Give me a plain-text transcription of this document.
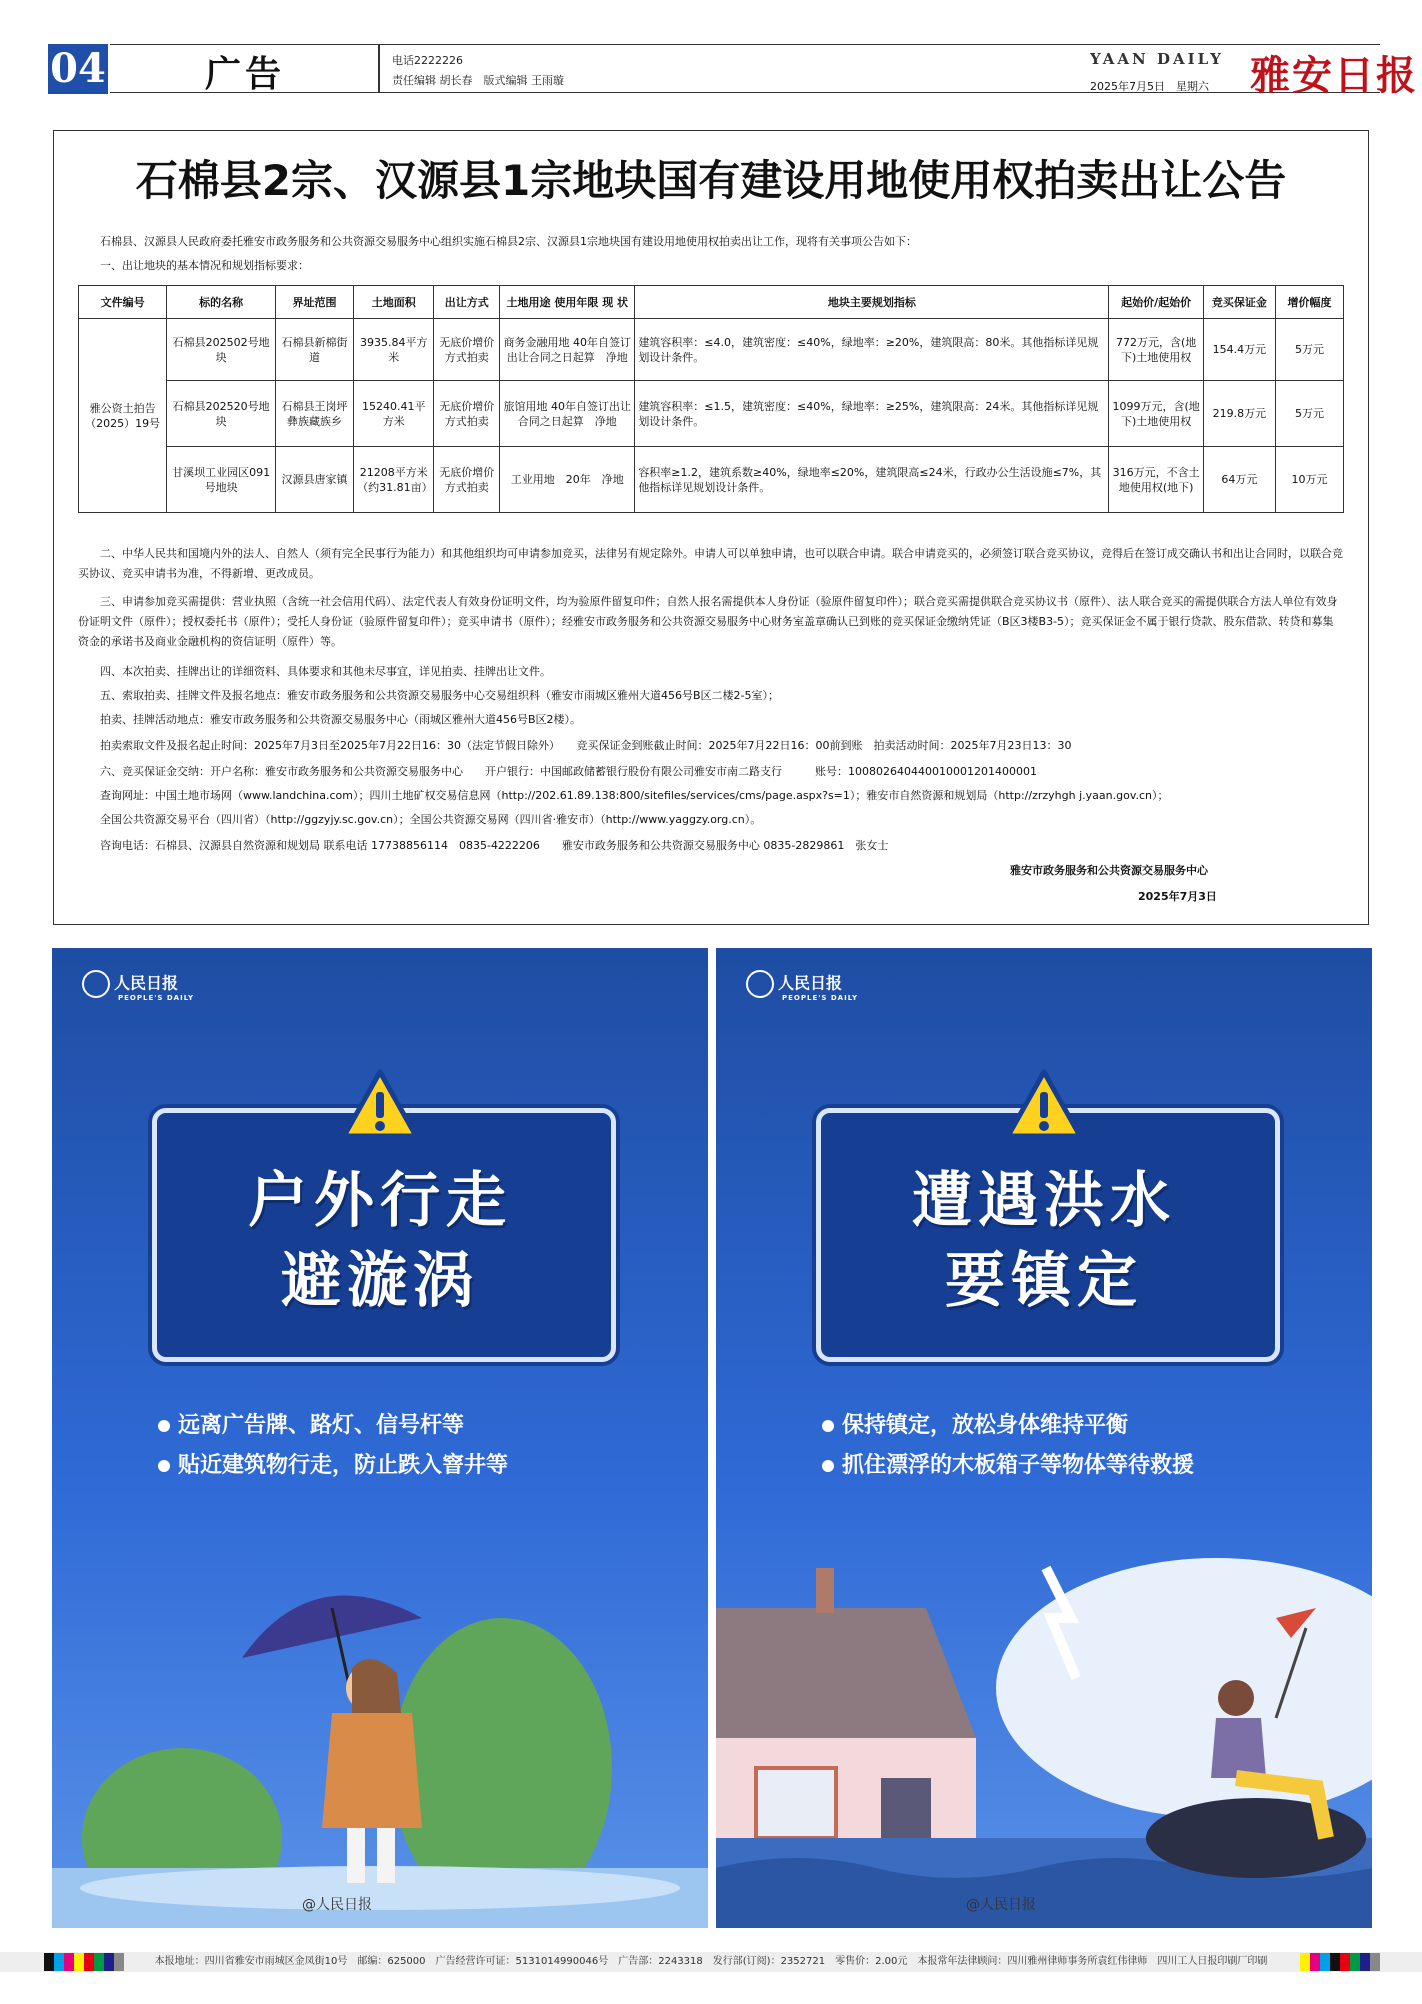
04	广告	电话2222226
责任编辑 胡长春　版式编辑 王雨璇
YAAN DAILY
2025年7月5日　星期六 雅安日报
石棉县2宗、汉源县1宗地块国有建设用地使用权拍卖出让公告
石棉县、汉源县人民政府委托雅安市政务服务和公共资源交易服务中心组织实施石棉县2宗、汉源县1宗地块国有建设用地使用权拍卖出让工作，现将有关事项公告如下：
一、出让地块的基本情况和规划指标要求：
文件编号	标的名称	界址范围	土地面积	出让方式	土地用途 使用年限 现 状	地块主要规划指标	起始价/起始价	竞买保证金	增价幅度
雅公资土拍告（2025）19号	石棉县202502号地　块	石棉县新棉街道	3935.84平方米	无底价增价方式拍卖	商务金融用地 40年自签订出让合同之日起算　净地	建筑容积率：≤4.0，建筑密度：≤40%，绿地率：≥20%，建筑限高：80米。其他指标详见规划设计条件。	772万元，含(地下)土地使用权	154.4万元	5万元
	石棉县202520号地　块	石棉县王岗坪彝族藏族乡	15240.41平方米	无底价增价方式拍卖	旅馆用地 40年自签订出让合同之日起算　净地	建筑容积率：≤1.5，建筑密度：≤40%，绿地率：≥25%，建筑限高：24米。其他指标详见规划设计条件。	1099万元，含(地下)土地使用权	219.8万元	5万元
	甘溪坝工业园区091号地块	汉源县唐家镇	21208平方米（约31.81亩）	无底价增价方式拍卖	工业用地　20年　净地	容积率≥1.2，建筑系数≥40%，绿地率≤20%，建筑限高≤24米，行政办公生活设施≤7%，其他指标详见规划设计条件。	316万元，不含土地使用权(地下)	64万元	10万元
二、中华人民共和国境内外的法人、自然人（须有完全民事行为能力）和其他组织均可申请参加竞买，法律另有规定除外。申请人可以单独申请，也可以联合申请。联合申请竞买的，必须签订联合竞买协议，竞得后在签订成交确认书和出让合同时，以联合竞买协议、竞买申请书为准，不得新增、更改成员。
三、申请参加竞买需提供：营业执照（含统一社会信用代码）、法定代表人有效身份证明文件，均为验原件留复印件；自然人报名需提供本人身份证（验原件留复印件）；联合竞买需提供联合竞买协议书（原件）、法人联合竞买的需提供联合方法人单位有效身份证明文件（原件）；授权委托书（原件）；受托人身份证（验原件留复印件）；竞买申请书（原件）；经雅安市政务服务和公共资源交易服务中心财务室盖章确认已到账的竞买保证金缴纳凭证（B区3楼B3-5）；竞买保证金不属于银行贷款、股东借款、转贷和募集资金的承诺书及商业金融机构的资信证明（原件）等。
四、本次拍卖、挂牌出让的详细资料、具体要求和其他未尽事宜，详见拍卖、挂牌出让文件。
五、索取拍卖、挂牌文件及报名地点：雅安市政务服务和公共资源交易服务中心交易组织科（雅安市雨城区雅州大道456号B区二楼2-5室）；
拍卖、挂牌活动地点：雅安市政务服务和公共资源交易服务中心（雨城区雅州大道456号B区2楼）。
拍卖索取文件及报名起止时间：2025年7月3日至2025年7月22日16：30（法定节假日除外）　　竞买保证金到账截止时间：2025年7月22日16：00前到账　拍卖活动时间：2025年7月23日13：30
六、竞买保证金交纳：开户名称：雅安市政务服务和公共资源交易服务中心　　开户银行：中国邮政储蓄银行股份有限公司雅安市南二路支行　　　账号：100802640440010001201400001
查询网址：中国土地市场网（www.landchina.com）；四川土地矿权交易信息网（http://202.61.89.138:800/sitefiles/services/cms/page.aspx?s=1）；雅安市自然资源和规划局（http://zrzyhgh j.yaan.gov.cn）；
全国公共资源交易平台（四川省）（http://ggzyjy.sc.gov.cn）；全国公共资源交易网（四川省·雅安市）（http://www.yaggzy.org.cn）。
咨询电话：石棉县、汉源县自然资源和规划局 联系电话 17738856114　0835-4222206　　雅安市政务服务和公共资源交易服务中心 0835-2829861　张女士
雅安市政务服务和公共资源交易服务中心
2025年7月3日
人民日报
PEOPLE'S DAILY
户外行走
避漩涡
远离广告牌、路灯、信号杆等
贴近建筑物行走，防止跌入窨井等
@人民日报
人民日报
PEOPLE'S DAILY
遭遇洪水
要镇定
保持镇定，放松身体维持平衡
抓住漂浮的木板箱子等物体等待救援
@人民日报
本报地址：四川省雅安市雨城区金凤街10号　邮编：625000　广告经营许可证：5131014990046号　广告部：2243318　发行部(订阅)：2352721　零售价：2.00元　本报常年法律顾问：四川雅州律师事务所袁红伟律师　四川工人日报印刷厂印刷
